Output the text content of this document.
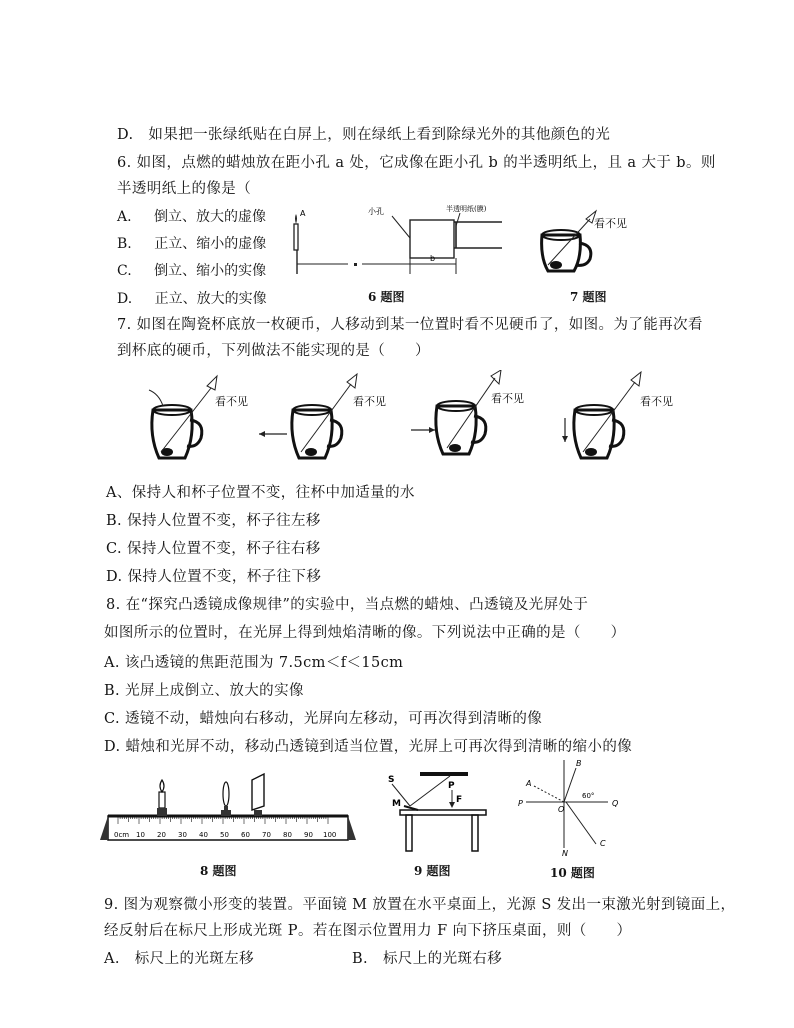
D.　如果把一张绿纸贴在白屏上，则在绿纸上看到除绿光外的其他颜色的光
6. 如图，点燃的蜡烛放在距小孔 a 处，它成像在距小孔 b 的半透明纸上，且 a 大于 b。则
半透明纸上的像是（
A. 倒立、放大的虚像
B. 正立、缩小的虚像
C. 倒立、缩小的实像
D. 正立、放大的实像
A	小孔	半透明纸(膜)
b
6 题图
看不见
7 题图
7. 如图在陶瓷杯底放一枚硬币，人移动到某一位置时看不见硬币了，如图。为了能再次看
到杯底的硬币，下列做法不能实现的是（　　）
看不见	看不见	看不见	看不见
A、保持人和杯子位置不变，往杯中加适量的水
B. 保持人位置不变，杯子往左移
C. 保持人位置不变，杯子往右移
D. 保持人位置不变，杯子往下移
8. 在“探究凸透镜成像规律”的实验中，当点燃的蜡烛、凸透镜及光屏处于
如图所示的位置时，在光屏上得到烛焰清晰的像。下列说法中正确的是（　　）
A. 该凸透镜的焦距范围为 7.5cm＜f＜15cm
B. 光屏上成倒立、放大的实像
C. 透镜不动，蜡烛向右移动，光屏向左移动，可再次得到清晰的像
D. 蜡烛和光屏不动，移动凸透镜到适当位置，光屏上可再次得到清晰的缩小的像
0cm 10 20 30 40 50 60 70 80 90 100
8 题图
S
P
F
M
9 题图
A
B
P
O
Q
C
N
60°
10 题图
9. 图为观察微小形变的装置。平面镜 M 放置在水平桌面上，光源 S 发出一束激光射到镜面上，
经反射后在标尺上形成光斑 P。若在图示位置用力 F 向下挤压桌面，则（　　）
A.　标尺上的光斑左移	B.　标尺上的光斑右移
